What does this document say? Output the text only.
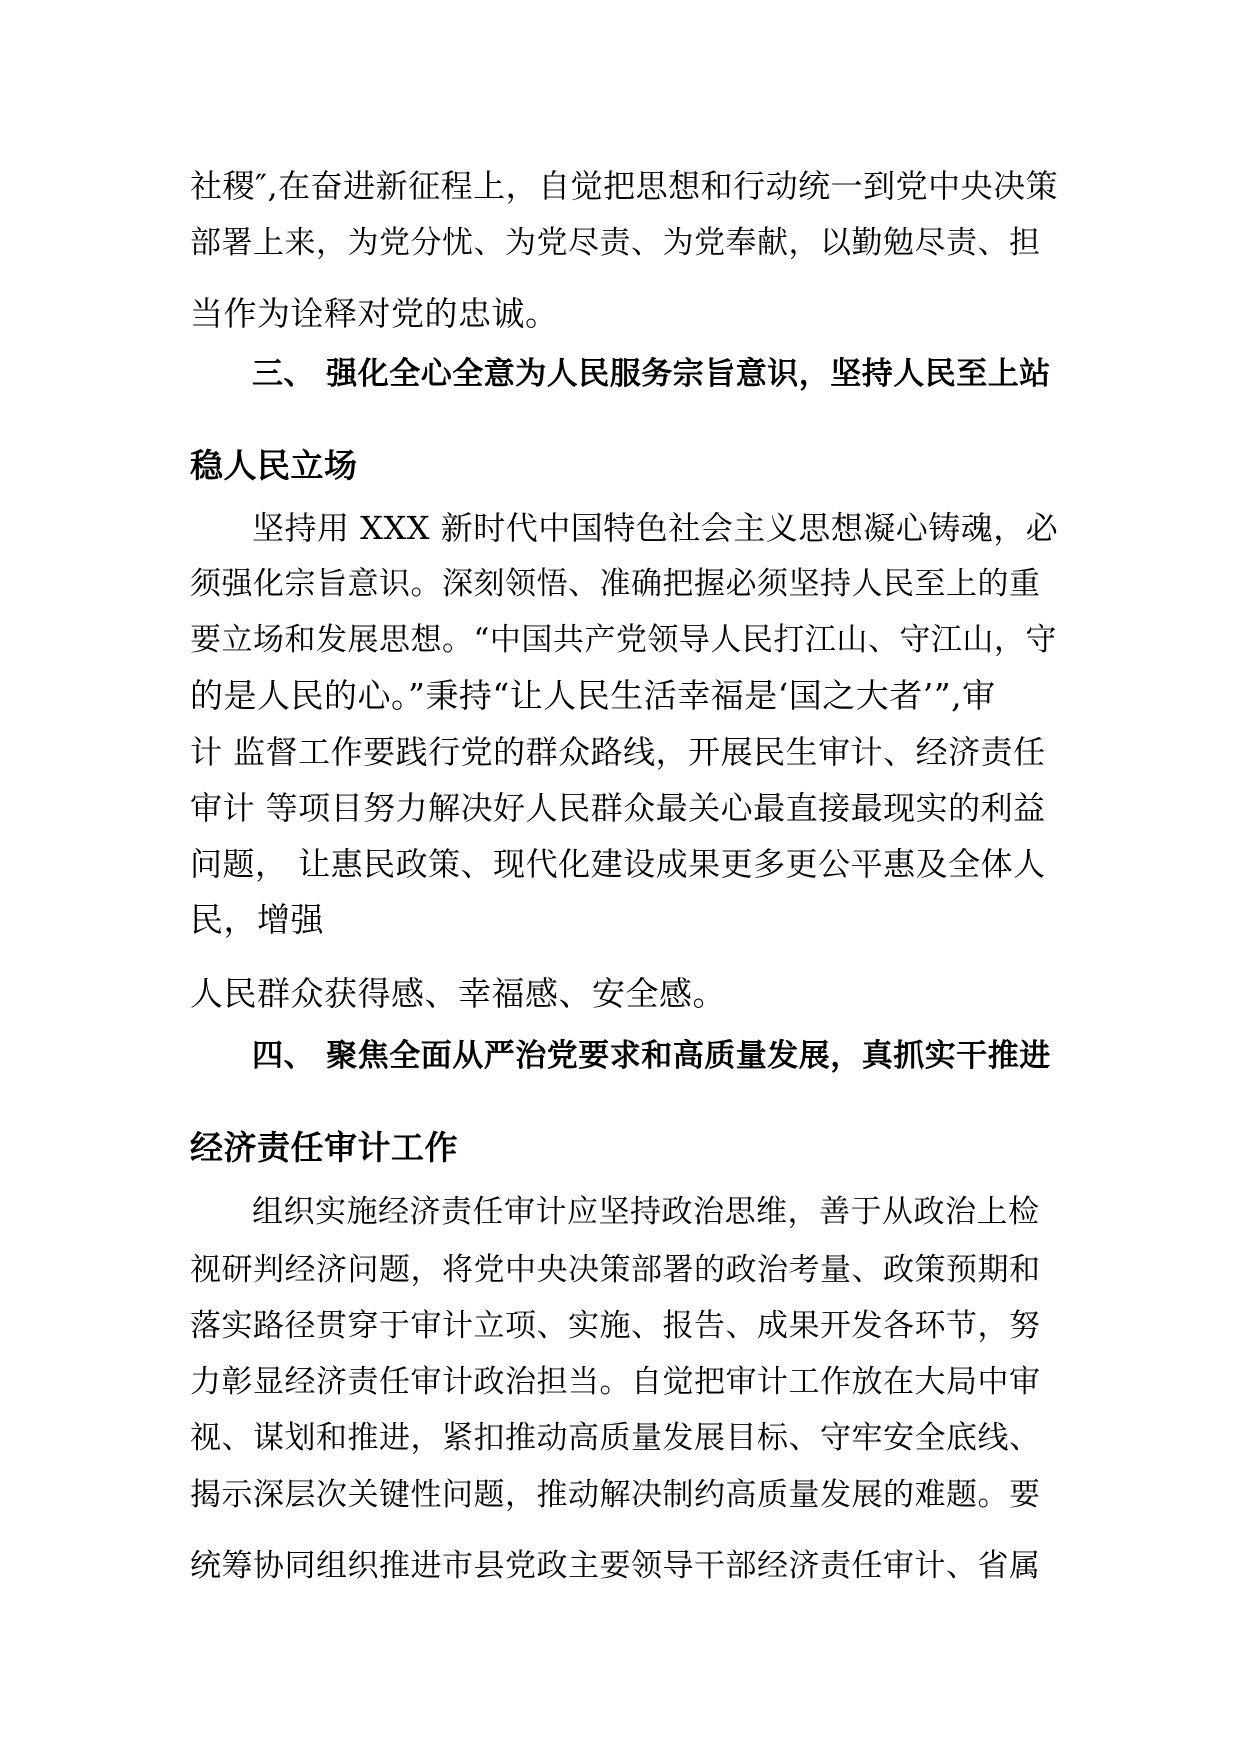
社稷″,在奋进新征程上，自觉把思想和行动统一到党中央决策
部署上来，为党分忧、为党尽责、为党奉献，以勤勉尽责、担
当作为诠释对党的忠诚。
三、 强化全心全意为人民服务宗旨意识，坚持人民至上站
稳人民立场
坚持用 XXX 新时代中国特色社会主义思想凝心铸魂，必
须强化宗旨意识。深刻领悟、准确把握必须坚持人民至上的重
要立场和发展思想。“中国共产党领导人民打江山、守江山，守
的是人民的心。”秉持“让人民生活幸福是‘国之大者’”,审
计 监督工作要践行党的群众路线，开展民生审计、经济责任
审计 等项目努力解决好人民群众最关心最直接最现实的利益
问题， 让惠民政策、现代化建设成果更多更公平惠及全体人
民，增强
人民群众获得感、幸福感、安全感。
四、 聚焦全面从严治党要求和高质量发展，真抓实干推进
经济责任审计工作
组织实施经济责任审计应坚持政治思维，善于从政治上检
视研判经济问题，将党中央决策部署的政治考量、政策预期和
落实路径贯穿于审计立项、实施、报告、成果开发各环节，努
力彰显经济责任审计政治担当。自觉把审计工作放在大局中审
视、谋划和推进，紧扣推动高质量发展目标、守牢安全底线、
揭示深层次关键性问题，推动解决制约高质量发展的难题。要
统筹协同组织推进市县党政主要领导干部经济责任审计、省属
